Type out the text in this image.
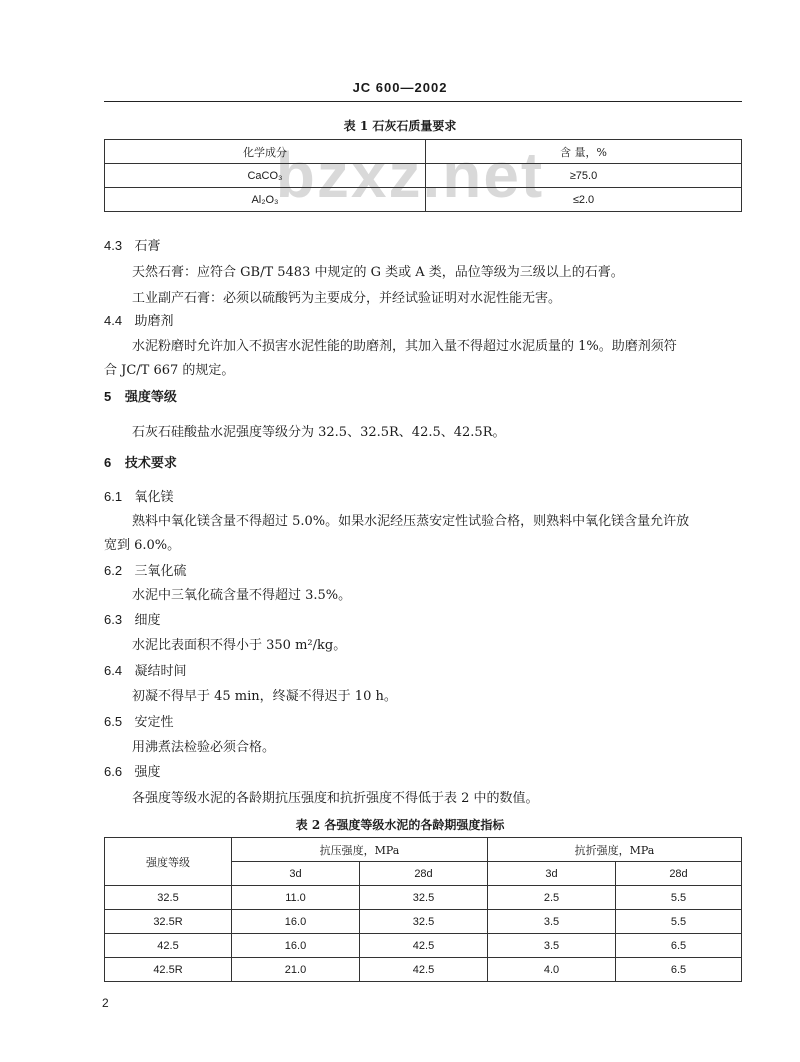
JC 600—2002
bzxz.net
表 1 石灰石质量要求
化学成分	含 量，%
CaCO₃	≥75.0
Al₂O₃	≤2.0
4.3 石膏
天然石膏：应符合 GB/T 5483 中规定的 G 类或 A 类，品位等级为三级以上的石膏。
工业副产石膏：必须以硫酸钙为主要成分，并经试验证明对水泥性能无害。
4.4 助磨剂
水泥粉磨时允许加入不损害水泥性能的助磨剂，其加入量不得超过水泥质量的 1%。助磨剂须符
合 JC/T 667 的规定。
5 强度等级
石灰石硅酸盐水泥强度等级分为 32.5、32.5R、42.5、42.5R。
6 技术要求
6.1 氧化镁
熟料中氧化镁含量不得超过 5.0%。如果水泥经压蒸安定性试验合格，则熟料中氧化镁含量允许放
宽到 6.0%。
6.2 三氧化硫
水泥中三氧化硫含量不得超过 3.5%。
6.3 细度
水泥比表面积不得小于 350 m²/kg。
6.4 凝结时间
初凝不得早于 45 min，终凝不得迟于 10 h。
6.5 安定性
用沸煮法检验必须合格。
6.6 强度
各强度等级水泥的各龄期抗压强度和抗折强度不得低于表 2 中的数值。
表 2 各强度等级水泥的各龄期强度指标
强度等级	抗压强度，MPa		抗折强度，MPa	
	3d	28d	3d	28d
32.5	11.0	32.5	2.5	5.5
32.5R	16.0	32.5	3.5	5.5
42.5	16.0	42.5	3.5	6.5
42.5R	21.0	42.5	4.0	6.5
2
